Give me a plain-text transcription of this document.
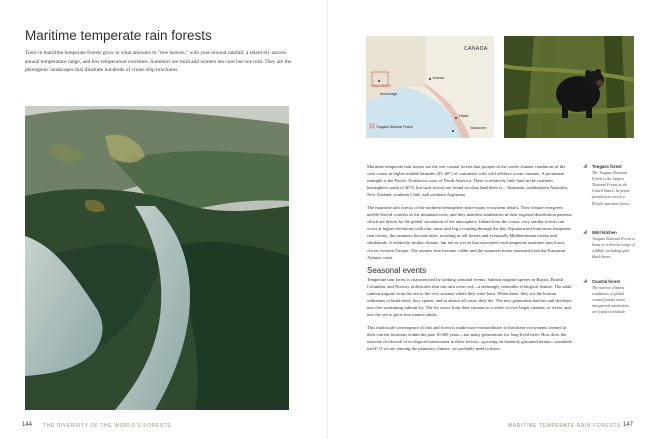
Maritime temperate rain forests
Trees in maritime temperate forests grow in what amounts to "tree heaven," with year-around rainfall, a relatively narrow annual temperature range, and few temperature extremes. Summers are mild and winters are cool but not cold. They are the photogenic landscapes that illustrate hundreds of cruise ship brochures.
144 THE DIVERSITY OF THE WORLD'S FORESTS
CANADA
ALASKA
Anchorage
Juneau
Haida
Vancouver
Tongass National Forest

Maritime temperate rain forests are the wet coastal forests that prosper in the cooler climate conditions of the west coasts in higher middle latitudes (45–60°) of continents with cold offshore ocean currents. A prominent example is the Pacific Northwest coast of North America. There is relatively little land in the southern hemisphere south of 40°S, but such forests are found on what land there is—Tasmania, southeastern Australia, New Zealand, southern Chile, and southern Argentina.

The maritime rain forests of the northern hemisphere share many ecosystem details. They feature evergreen needle-leaved conifers as the dominant trees, and they manifest similarities in their regional distribution patterns, which are driven by the global circulation of the atmosphere. Inland from the coasts, very similar forests can occur at higher elevations with rain, mists and fog occurring through the day. Equatorward from most temperate rain forests, the summers become drier, resulting in tall forests and eventually Mediterranean forests and shrublands. A relatively similar climate, but not as wet as that associated with temperate maritime rain forest, covers western Europe. The winters here become colder and the summers hotter eastward from the European Atlantic coast.

Seasonal events

Temperate rain forest is characterised by striking seasonal events. Salmon migrate upriver in Russia, British Columbia, and Norway at densities that can turn rivers red—a seemingly venerable ecological feature. The adult salmon migrate from the sea to the very streams where they were born. When there, they stir the bottom sediments to build nests, they spawn, and in almost all cases, they die. The new generation hatches and develops into free-swimming salmon fry. The fry move from their streams to a series of ever larger streams, to rivers, and into the sea to grow into mature adults.

This multiscale convergence of fish and forest is made more extraordinary in that these ecosystems formed in their current locations within the past 10,000 years—not many generations for long-lived trees. How does the intricate clockwork of ecological interactions in these forests—growing on formerly glaciated terrain—assemble itself? If we are altering the planetary climate, we probably need to know.

◢ Tongass forest
The Tongass National Forest is the largest National Forest in the United States. Its prime jurisdiction covers a Pacific maritime forest.
◢ Wild kitchen
Tongass National Forest is home to a diverse range of wildlife, including split black bears.
◢ Coastal forest
The narrow climatic conditions of global coastal forests mean unexpected similarities are found worldwide.
MARITIME TEMPERATE RAIN FORESTS 147
